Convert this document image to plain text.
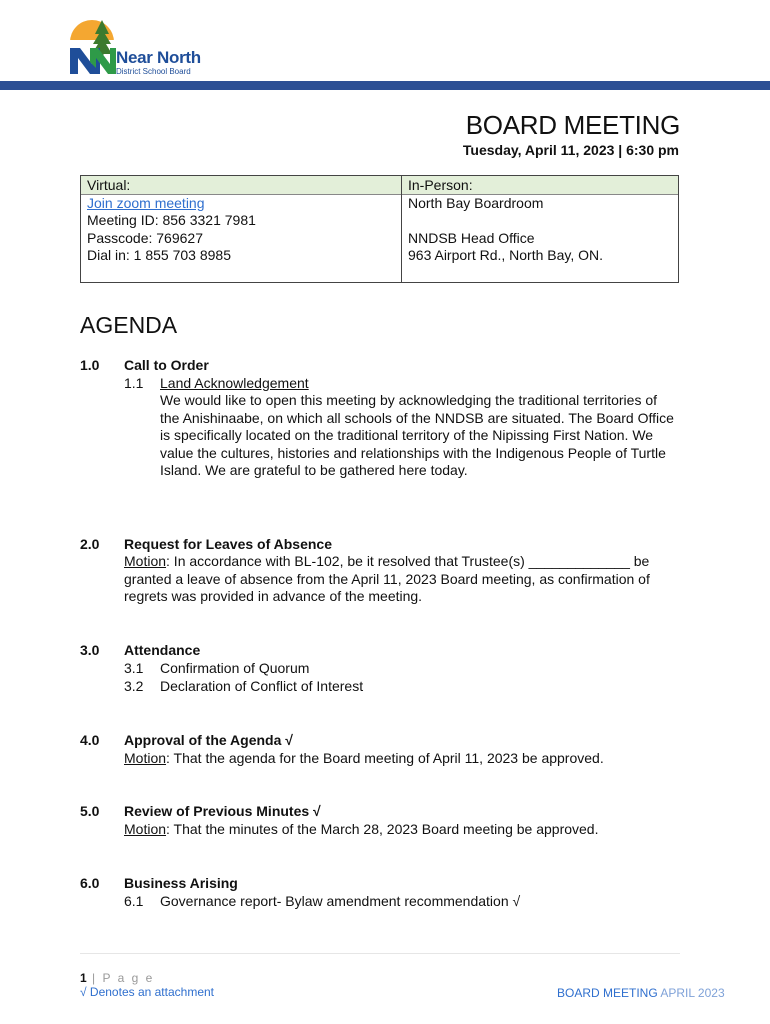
Near North
District School Board
BOARD MEETING
Tuesday, April 11, 2023 | 6:30 pm
Virtual:
Join zoom meeting
Meeting ID: 856 3321 7981
Passcode: 769627
Dial in: 1 855 703 8985
In-Person:
North Bay Boardroom
NNDSB Head Office
963 Airport Rd., North Bay, ON.
AGENDA
1.0 Call to Order
1.1 Land Acknowledgement
We would like to open this meeting by acknowledging the traditional territories of the Anishinaabe, on which all schools of the NNDSB are situated. The Board Office is specifically located on the traditional territory of the Nipissing First Nation. We value the cultures, histories and relationships with the Indigenous People of Turtle Island. We are grateful to be gathered here today.
2.0 Request for Leaves of Absence
Motion: In accordance with BL-102, be it resolved that Trustee(s) _____________ be granted a leave of absence from the April 11, 2023 Board meeting, as confirmation of regrets was provided in advance of the meeting.
3.0 Attendance
3.1 Confirmation of Quorum
3.2 Declaration of Conflict of Interest
4.0 Approval of the Agenda √
Motion: That the agenda for the Board meeting of April 11, 2023 be approved.
5.0 Review of Previous Minutes √
Motion: That the minutes of the March 28, 2023 Board meeting be approved.
6.0 Business Arising
6.1 Governance report- Bylaw amendment recommendation √
1 | P a g e
√ Denotes an attachment	BOARD MEETING APRIL 2023
